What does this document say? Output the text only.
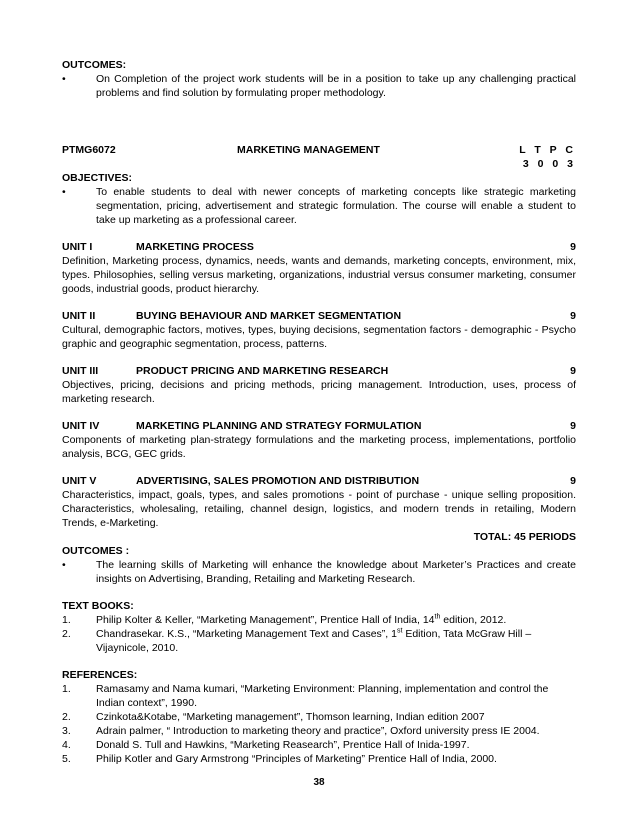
OUTCOMES:

•	On Completion of the project work students will be in a position to take up any challenging practical problems and find solution by formulating proper methodology.
PTMG6072	MARKETING MANAGEMENT	L T P C
3 0 0 3

OBJECTIVES:

•	To enable students to deal with newer concepts of marketing concepts like strategic marketing segmentation, pricing, advertisement and strategic formulation. The course will enable a student to take up marketing as a professional career.
UNIT I	MARKETING PROCESS	9

Definition, Marketing process, dynamics, needs, wants and demands, marketing concepts, environment, mix, types. Philosophies, selling versus marketing, organizations, industrial versus consumer marketing, consumer goods, industrial goods, product hierarchy.

UNIT II	BUYING BEHAVIOUR AND MARKET SEGMENTATION	9

Cultural, demographic factors, motives, types, buying decisions, segmentation factors - demographic - Psycho graphic and geographic segmentation, process, patterns.

UNIT III	PRODUCT PRICING AND MARKETING RESEARCH	9

Objectives, pricing, decisions and pricing methods, pricing management. Introduction, uses, process of marketing research.

UNIT IV	MARKETING PLANNING AND STRATEGY FORMULATION	9

Components of marketing plan-strategy formulations and the marketing process, implementations, portfolio analysis, BCG, GEC grids.

UNIT V	ADVERTISING, SALES PROMOTION AND DISTRIBUTION	9

Characteristics, impact, goals, types, and sales promotions - point of purchase - unique selling proposition. Characteristics, wholesaling, retailing, channel design, logistics, and modern trends in retailing, Modern Trends, e-Marketing.

TOTAL: 45 PERIODS

OUTCOMES :

•	The learning skills of Marketing will enhance the knowledge about Marketer’s Practices and create insights on Advertising, Branding, Retailing and Marketing Research.

TEXT BOOKS:

1.	Philip Kolter & Keller, “Marketing Management”, Prentice Hall of India, 14th edition, 2012.
2.	Chandrasekar. K.S., “Marketing Management Text and Cases”, 1st Edition, Tata McGraw Hill – Vijaynicole, 2010.

REFERENCES:

1.	Ramasamy and Nama kumari, “Marketing Environment: Planning, implementation and control the Indian context”, 1990.
2.	Czinkota&Kotabe, “Marketing management”, Thomson learning, Indian edition 2007
3.	Adrain palmer, “ Introduction to marketing theory and practice”, Oxford university press IE 2004.
4.	Donald S. Tull and Hawkins, “Marketing Reasearch”, Prentice Hall of Inida-1997.
5.	Philip Kotler and Gary Armstrong “Principles of Marketing” Prentice Hall of India, 2000.
38
